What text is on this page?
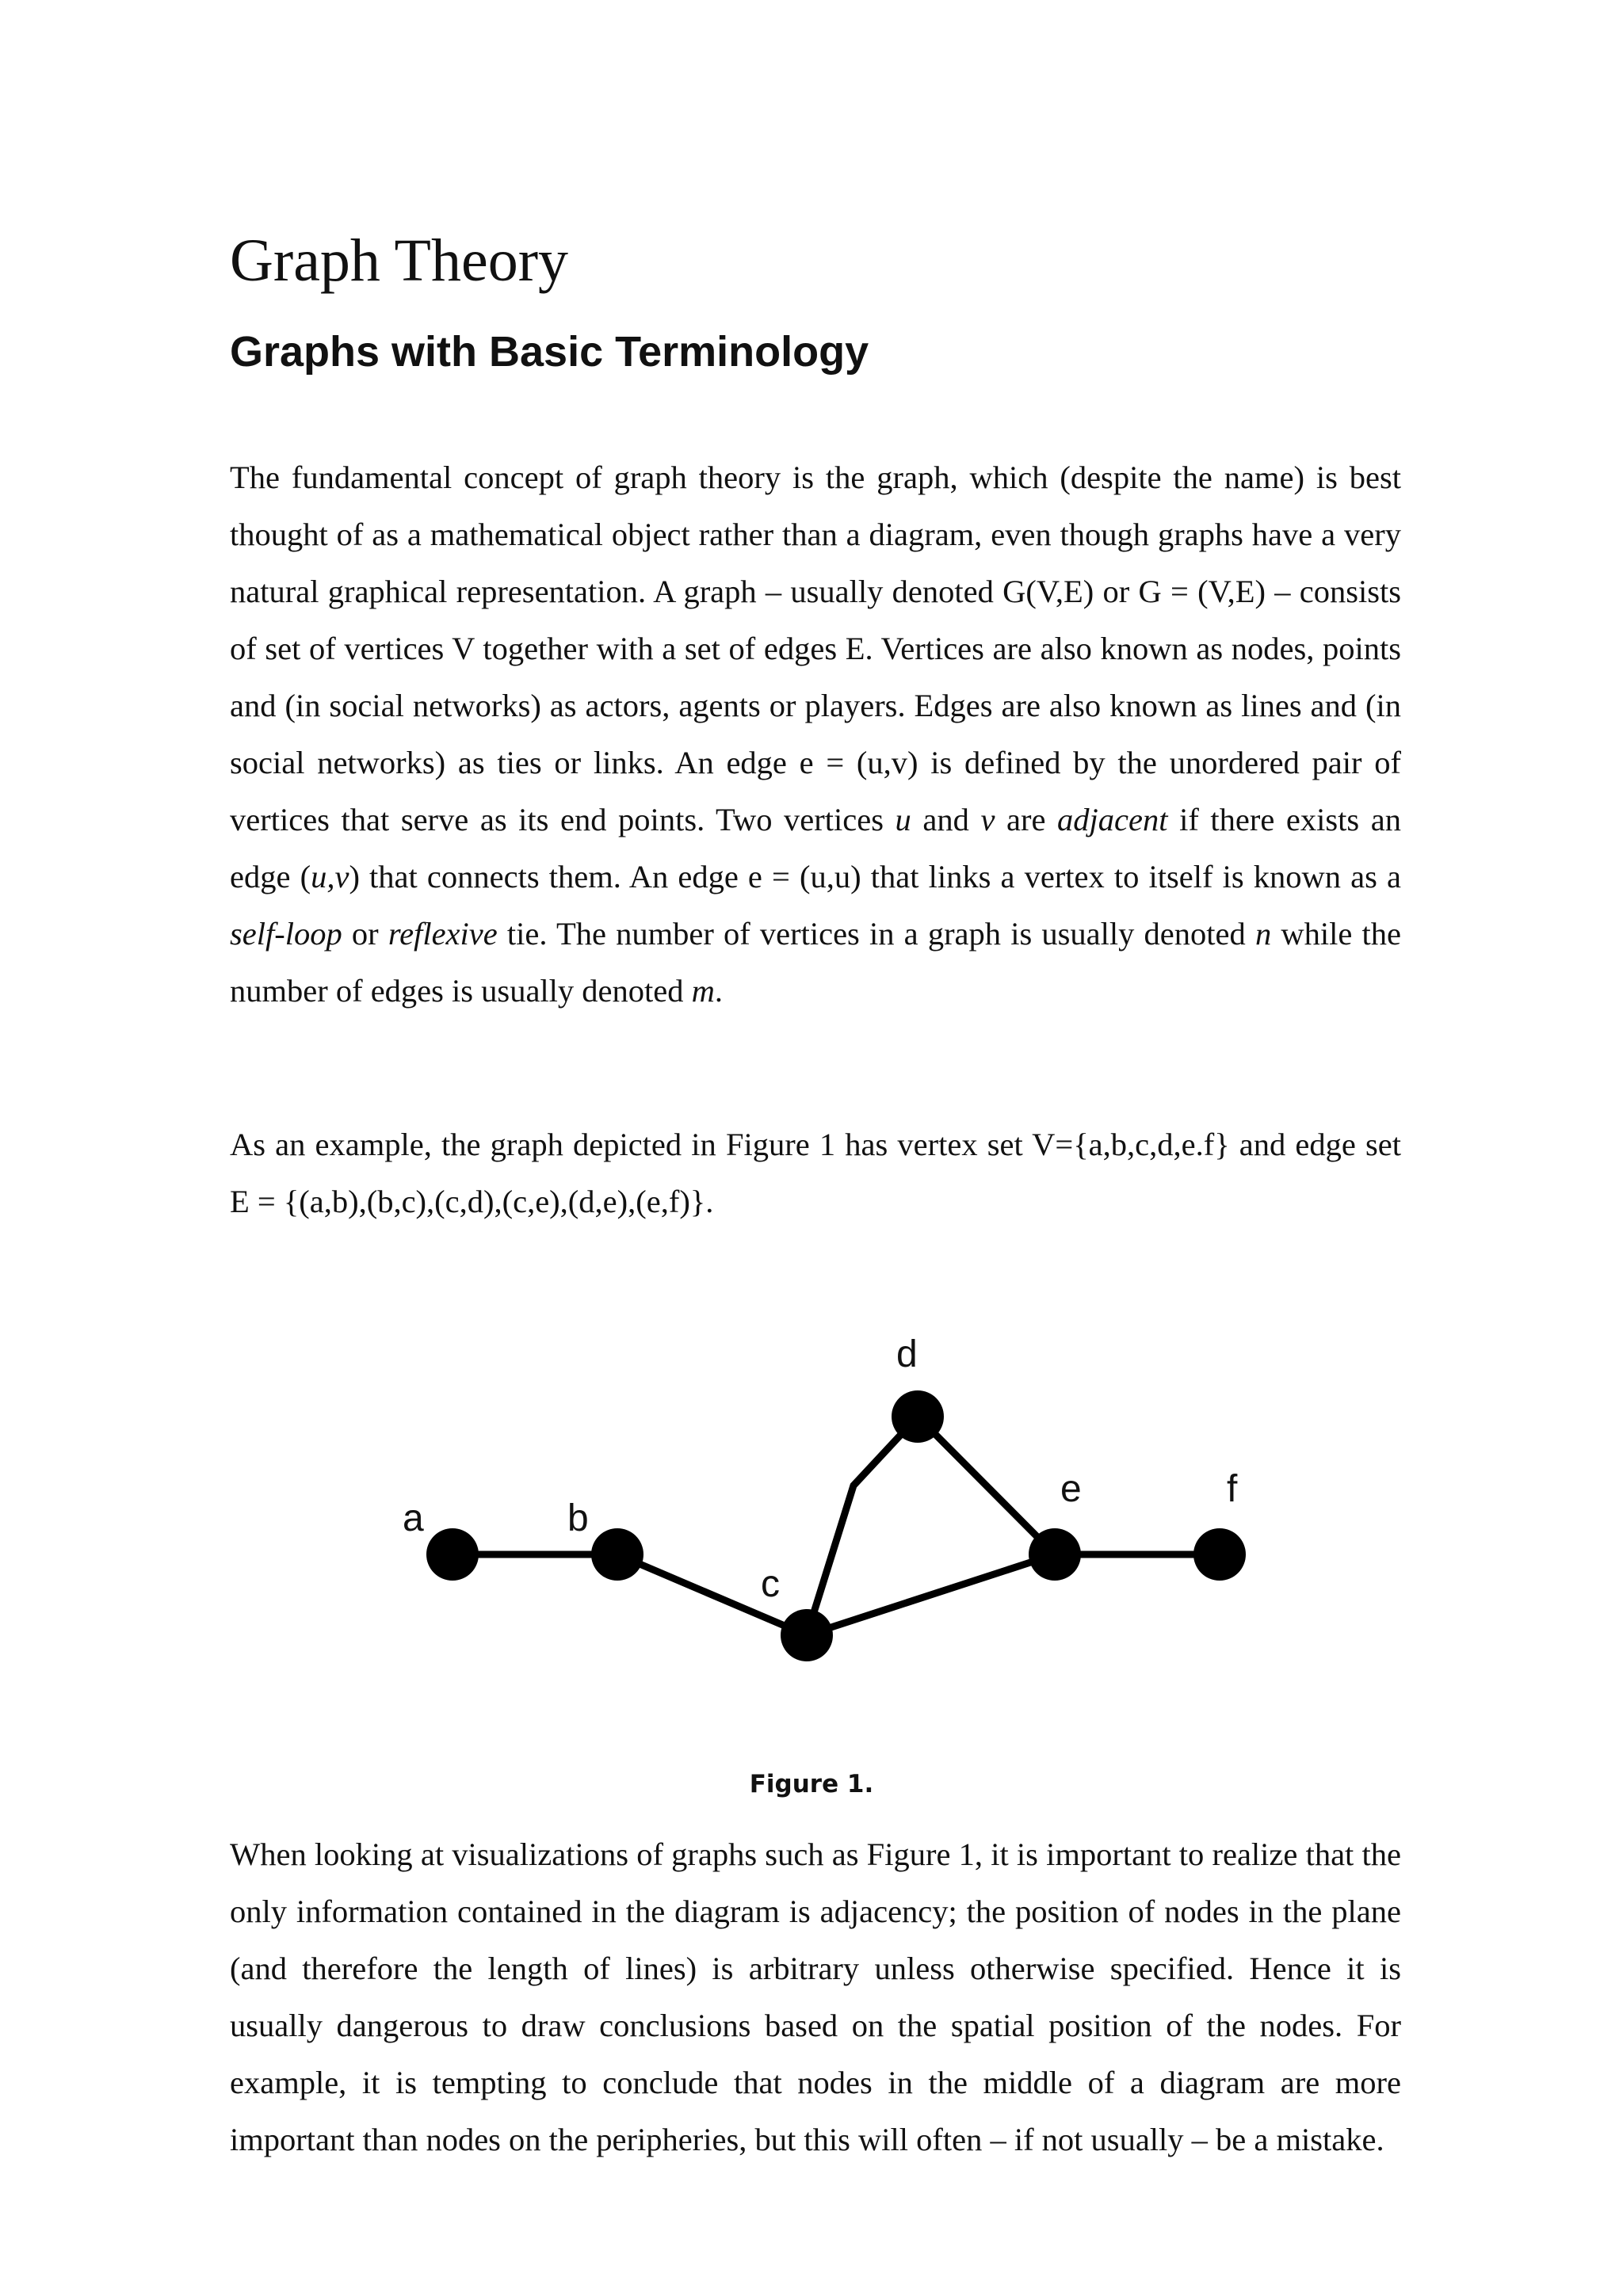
Graph Theory
Graphs with Basic Terminology

The fundamental concept of graph theory is the graph, which (despite the name) is best thought of as a mathematical object rather than a diagram, even though graphs have a very natural graphical representation. A graph – usually denoted G(V,E) or G = (V,E) – consists of set of vertices V together with a set of edges E. Vertices are also known as nodes, points and (in social networks) as actors, agents or players. Edges are also known as lines and (in social networks) as ties or links. An edge e = (u,v) is defined by the unordered pair of vertices that serve as its end points. Two vertices u and v are adjacent if there exists an edge (u,v) that connects them. An edge e = (u,u) that links a vertex to itself is known as a self-loop or reflexive tie. The number of vertices in a graph is usually denoted n while the number of edges is usually denoted m.

As an example, the graph depicted in Figure 1 has vertex set V={a,b,c,d,e.f} and edge set E = {(a,b),(b,c),(c,d),(c,e),(d,e),(e,f)}.

a	b
c
d
e	f

Figure 1.

When looking at visualizations of graphs such as Figure 1, it is important to realize that the only information contained in the diagram is adjacency; the position of nodes in the plane (and therefore the length of lines) is arbitrary unless otherwise specified. Hence it is usually dangerous to draw conclusions based on the spatial position of the nodes. For example, it is tempting to conclude that nodes in the middle of a diagram are more important than nodes on the peripheries, but this will often – if not usually – be a mistake.
